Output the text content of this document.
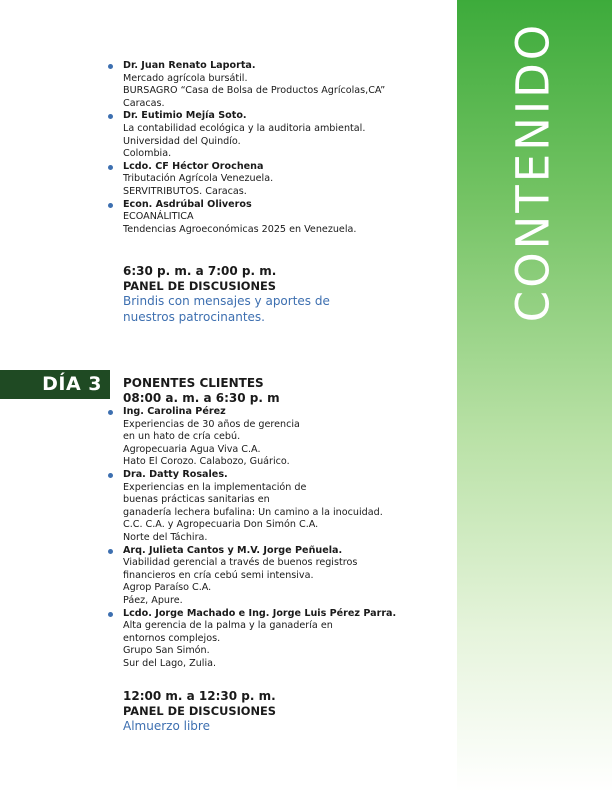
CONTENIDO
Dr. Juan Renato Laporta.
Mercado agrícola bursátil.
BURSAGRO “Casa de Bolsa de Productos Agrícolas,CA”
Caracas.
Dr. Eutimio Mejía Soto.
La contabilidad ecológica y la auditoria ambiental.
Universidad del Quindío.
Colombia.
Lcdo. CF Héctor Orochena
Tributación Agrícola Venezuela.
SERVITRIBUTOS. Caracas.
Econ. Asdrúbal Oliveros
ECOANÁLITICA
Tendencias Agroeconómicas 2025 en Venezuela.
6:30 p. m. a 7:00 p. m.
PANEL DE DISCUSIONES
Brindis con mensajes y aportes de
nuestros patrocinantes.
DÍA 3	PONENTES CLIENTES
08:00 a. m. a 6:30 p. m
Ing. Carolina Pérez
Experiencias de 30 años de gerencia
en un hato de cría cebú.
Agropecuaria Agua Viva C.A.
Hato El Corozo. Calabozo, Guárico.
Dra. Datty Rosales.
Experiencias en la implementación de
buenas prácticas sanitarias en
ganadería lechera bufalina: Un camino a la inocuidad.
C.C. C.A. y Agropecuaria Don Simón C.A.
Norte del Táchira.
Arq. Julieta Cantos y M.V. Jorge Peñuela.
Viabilidad gerencial a través de buenos registros
financieros en cría cebú semi intensiva.
Agrop Paraíso C.A.
Páez, Apure.
Lcdo. Jorge Machado e Ing. Jorge Luis Pérez Parra.
Alta gerencia de la palma y la ganadería en
entornos complejos.
Grupo San Simón.
Sur del Lago, Zulia.
12:00 m. a 12:30 p. m.
PANEL DE DISCUSIONES
Almuerzo libre
